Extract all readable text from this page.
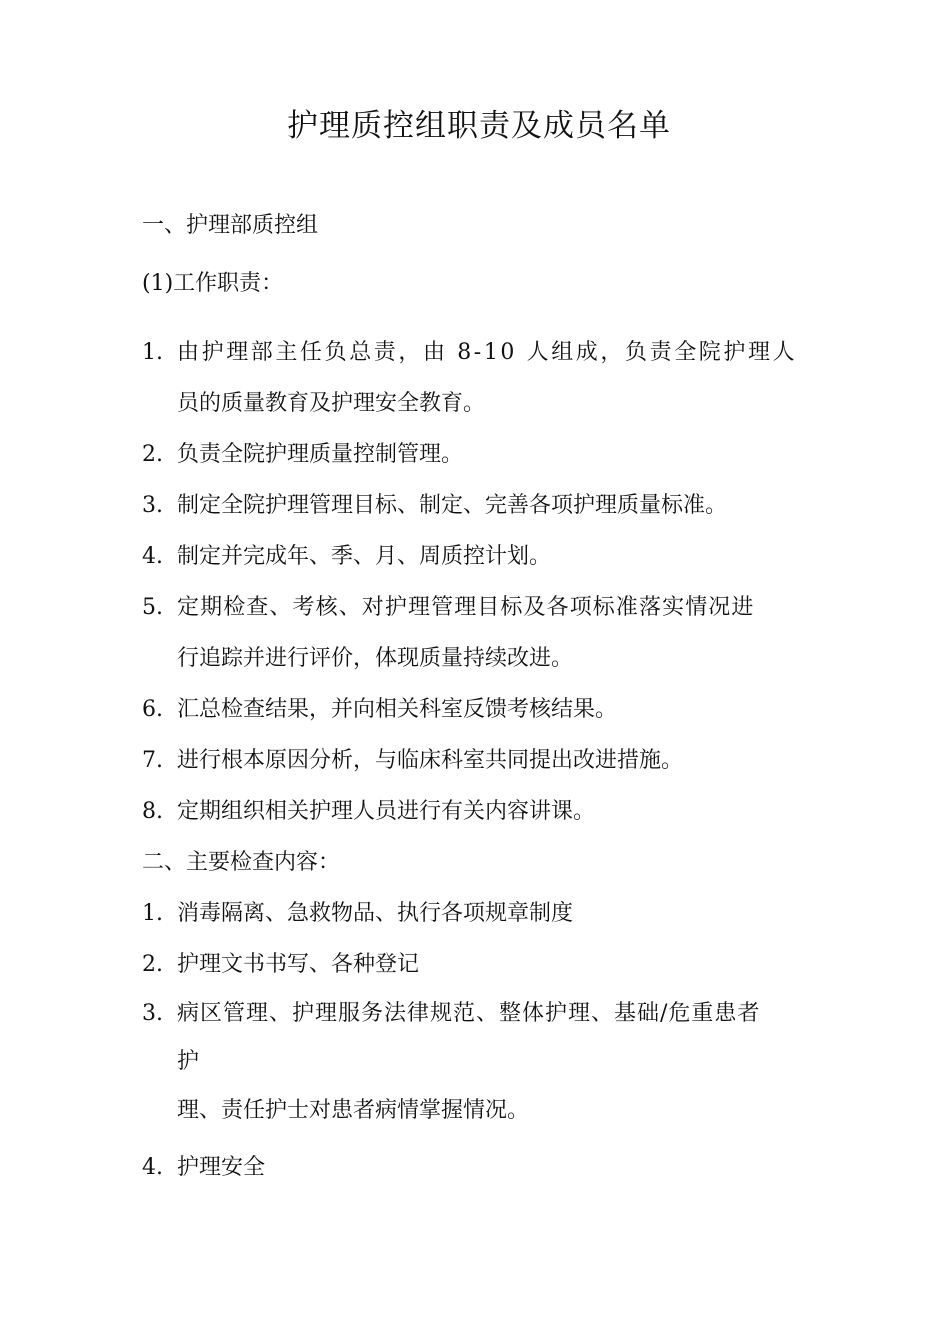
护理质控组职责及成员名单
一、护理部质控组
(1)工作职责：
1. 由护理部主任负总责，由 8-10 人组成，负责全院护理人
员的质量教育及护理安全教育。
2. 负责全院护理质量控制管理。
3. 制定全院护理管理目标、制定、完善各项护理质量标准。
4. 制定并完成年、季、月、周质控计划。
5. 定期检查、考核、对护理管理目标及各项标准落实情况进
行追踪并进行评价，体现质量持续改进。
6. 汇总检查结果，并向相关科室反馈考核结果。
7. 进行根本原因分析，与临床科室共同提出改进措施。
8. 定期组织相关护理人员进行有关内容讲课。
二、主要检查内容：
1. 消毒隔离、急救物品、执行各项规章制度
2. 护理文书书写、各种登记
3. 病区管理、护理服务法律规范、整体护理、基础/危重患者
护
理、责任护士对患者病情掌握情况。
4. 护理安全
